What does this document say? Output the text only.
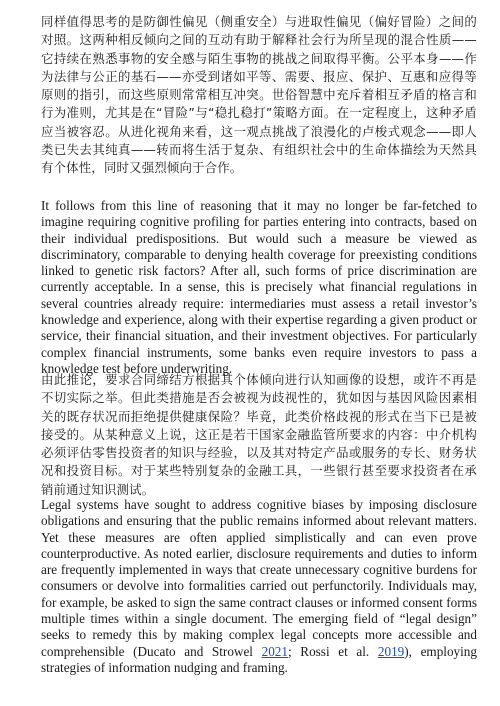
同样值得思考的是防御性偏见（侧重安全）与进取性偏见（偏好冒险）之间的对照。这两种相反倾向之间的互动有助于解释社会行为所呈现的混合性质——它持续在熟悉事物的安全感与陌生事物的挑战之间取得平衡。公平本身——作为法律与公正的基石——亦受到诸如平等、需要、报应、保护、互惠和应得等原则的指引，而这些原则常常相互冲突。世俗智慧中充斥着相互矛盾的格言和行为准则，尤其是在“冒险”与“稳扎稳打”策略方面。在一定程度上，这种矛盾应当被容忍。从进化视角来看，这一观点挑战了浪漫化的卢梭式观念——即人类已失去其纯真——转而将生活于复杂、有组织社会中的生命体描绘为天然具有个体性，同时又强烈倾向于合作。

It follows from this line of reasoning that it may no longer be far-fetched to imagine requiring cognitive profiling for parties entering into contracts, based on their individual predispositions. But would such a measure be viewed as discriminatory, comparable to denying health coverage for preexisting conditions linked to genetic risk factors? After all, such forms of price discrimination are currently acceptable. In a sense, this is precisely what financial regulations in several countries already require: intermediaries must assess a retail investor’s knowledge and experience, along with their expertise regarding a given product or service, their financial situation, and their investment objectives. For particularly complex financial instruments, some banks even require investors to pass a knowledge test before underwriting.

由此推论，要求合同缔结方根据其个体倾向进行认知画像的设想，或许不再是不切实际之举。但此类措施是否会被视为歧视性的，犹如因与基因风险因素相关的既存状况而拒绝提供健康保险？毕竟，此类价格歧视的形式在当下已是被接受的。从某种意义上说，这正是若干国家金融监管所要求的内容：中介机构必须评估零售投资者的知识与经验，以及其对特定产品或服务的专长、财务状况和投资目标。对于某些特别复杂的金融工具，一些银行甚至要求投资者在承销前通过知识测试。

Legal systems have sought to address cognitive biases by imposing disclosure obligations and ensuring that the public remains informed about relevant matters. Yet these measures are often applied simplistically and can even prove counterproductive. As noted earlier, disclosure requirements and duties to inform are frequently implemented in ways that create unnecessary cognitive burdens for consumers or devolve into formalities carried out perfunctorily. Individuals may, for example, be asked to sign the same contract clauses or informed consent forms multiple times within a single document. The emerging field of “legal design” seeks to remedy this by making complex legal concepts more accessible and comprehensible (Ducato and Strowel 2021; Rossi et al. 2019), employing strategies of information nudging and framing.
